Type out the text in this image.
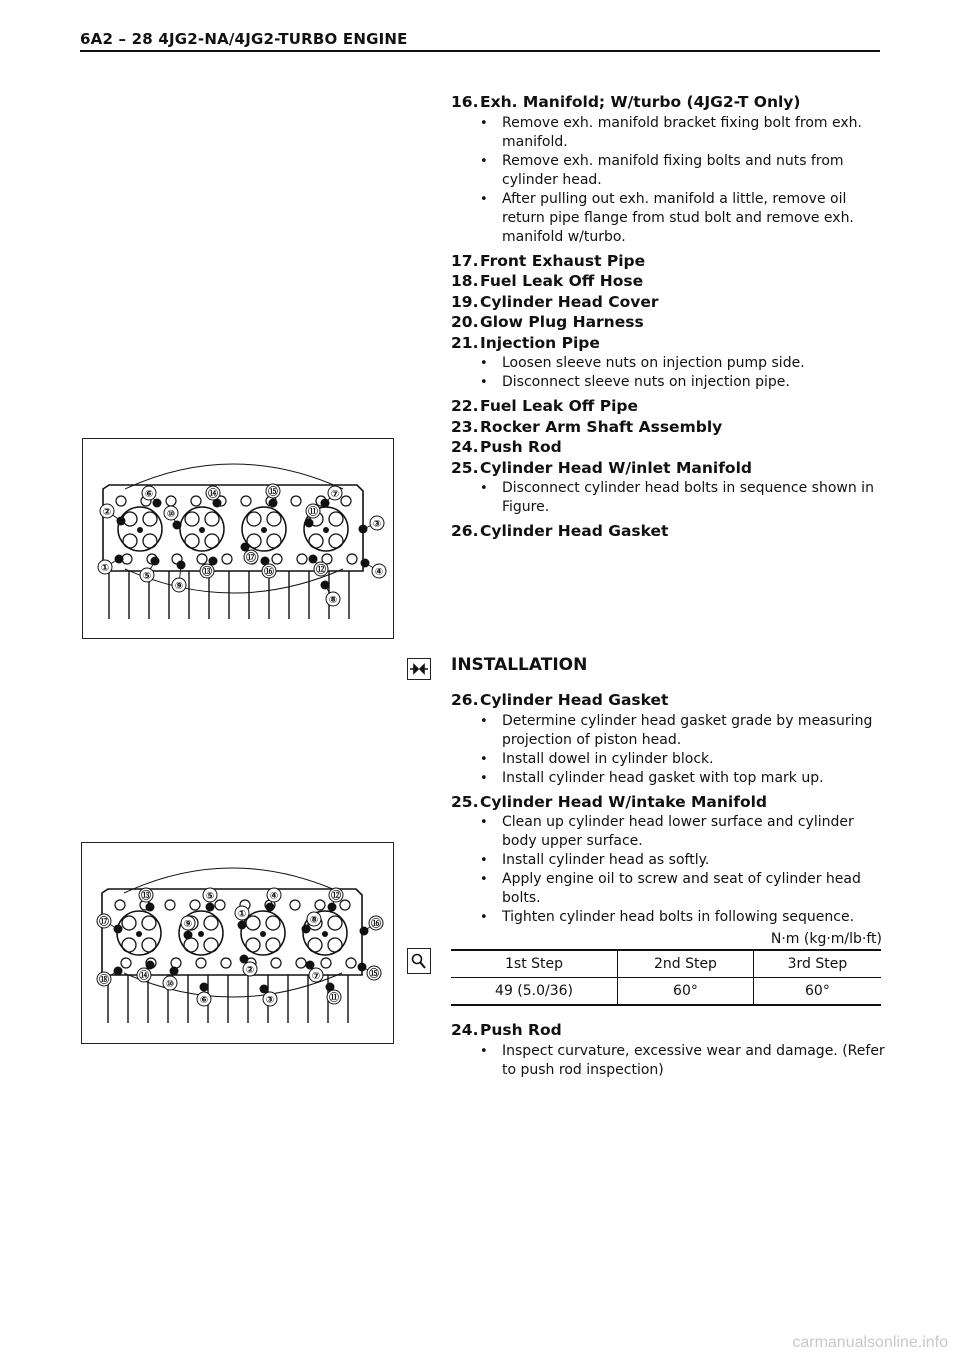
6A2 – 28 4JG2-NA/4JG2-TURBO ENGINE
16.Exh. Manifold; W/turbo (4JG2-T Only)
• Remove exh. manifold bracket fixing bolt from exh. manifold.
• Remove exh. manifold fixing bolts and nuts from cylinder head.
• After pulling out exh. manifold a little, remove oil return pipe flange from stud bolt and remove exh. manifold w/turbo.
17.Front Exhaust Pipe
18.Fuel Leak Off Hose
19.Cylinder Head Cover
20.Glow Plug Harness
21.Injection Pipe
• Loosen sleeve nuts on injection pump side.
• Disconnect sleeve nuts on injection pipe.
22.Fuel Leak Off Pipe
23.Rocker Arm Shaft Assembly
24.Push Rod
25.Cylinder Head W/inlet Manifold
• Disconnect cylinder head bolts in sequence shown in Figure.
26.Cylinder Head Gasket
①
②
③
④
⑤
⑥	⑦
⑧
⑨
⑩	⑪
⑫
⑬
⑭	⑮
⑯
⑰
INSTALLATION
26.Cylinder Head Gasket
• Determine cylinder head gasket grade by measuring projection of piston head.
• Install dowel in cylinder block.
• Install cylinder head gasket with top mark up.
25.Cylinder Head W/intake Manifold
• Clean up cylinder head lower surface and cylinder body upper surface.
• Install cylinder head as softly.
• Apply engine oil to screw and seat of cylinder head bolts.
• Tighten cylinder head bolts in following sequence.
N·m (kg·m/lb·ft)
1st Step	2nd Step	3rd Step
49 (5.0/36)	60°	60°
24.Push Rod
• Inspect curvature, excessive wear and damage. (Refer to push rod inspection)
①
②
③
④
⑤
⑥
⑦
⑧
⑨
⑩
⑪
⑫
⑬
⑭	⑮
⑯
⑰
⑱
carmanualsonline.info
